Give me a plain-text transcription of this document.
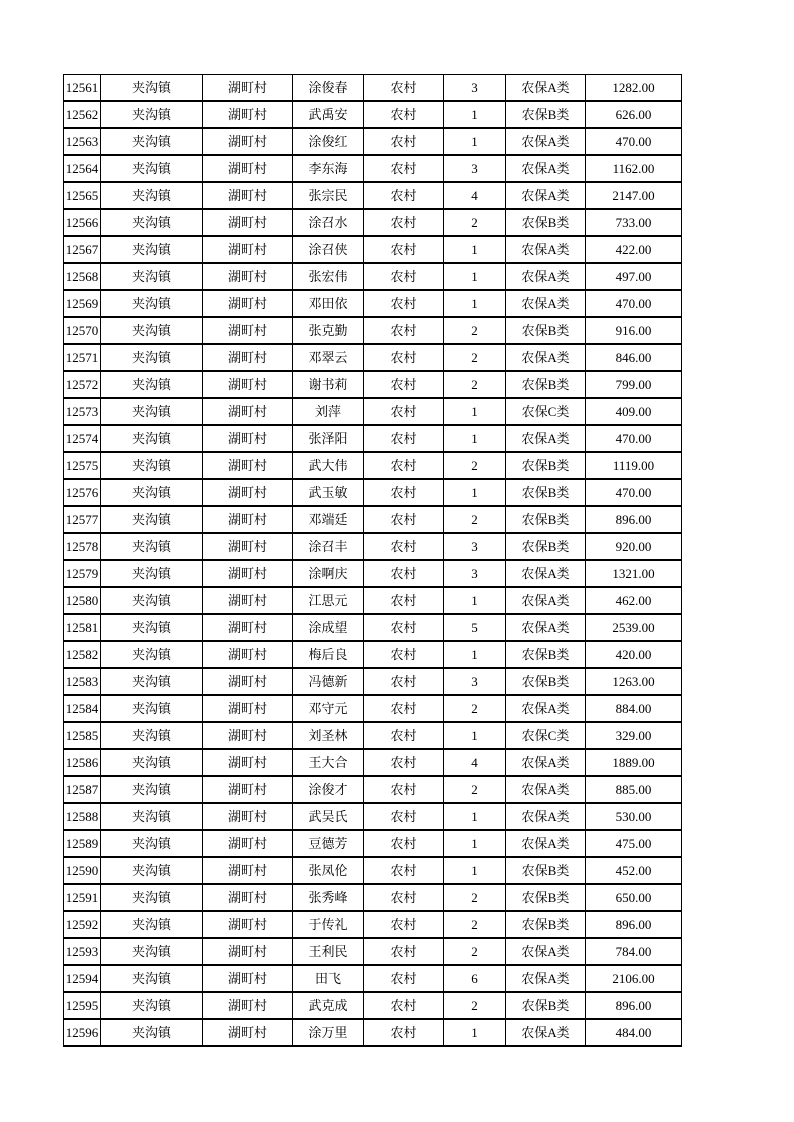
12561	夹沟镇	湖町村	涂俊春	农村	3	农保A类	1282.00
12562	夹沟镇	湖町村	武禹安	农村	1	农保B类	626.00
12563	夹沟镇	湖町村	涂俊红	农村	1	农保A类	470.00
12564	夹沟镇	湖町村	李东海	农村	3	农保A类	1162.00
12565	夹沟镇	湖町村	张宗民	农村	4	农保A类	2147.00
12566	夹沟镇	湖町村	涂召水	农村	2	农保B类	733.00
12567	夹沟镇	湖町村	涂召侠	农村	1	农保A类	422.00
12568	夹沟镇	湖町村	张宏伟	农村	1	农保A类	497.00
12569	夹沟镇	湖町村	邓田依	农村	1	农保A类	470.00
12570	夹沟镇	湖町村	张克勤	农村	2	农保B类	916.00
12571	夹沟镇	湖町村	邓翠云	农村	2	农保A类	846.00
12572	夹沟镇	湖町村	谢书莉	农村	2	农保B类	799.00
12573	夹沟镇	湖町村	刘萍	农村	1	农保C类	409.00
12574	夹沟镇	湖町村	张泽阳	农村	1	农保A类	470.00
12575	夹沟镇	湖町村	武大伟	农村	2	农保B类	1119.00
12576	夹沟镇	湖町村	武玉敏	农村	1	农保B类	470.00
12577	夹沟镇	湖町村	邓端廷	农村	2	农保B类	896.00
12578	夹沟镇	湖町村	涂召丰	农村	3	农保B类	920.00
12579	夹沟镇	湖町村	涂啊庆	农村	3	农保A类	1321.00
12580	夹沟镇	湖町村	江思元	农村	1	农保A类	462.00
12581	夹沟镇	湖町村	涂成望	农村	5	农保A类	2539.00
12582	夹沟镇	湖町村	梅后良	农村	1	农保B类	420.00
12583	夹沟镇	湖町村	冯德新	农村	3	农保B类	1263.00
12584	夹沟镇	湖町村	邓守元	农村	2	农保A类	884.00
12585	夹沟镇	湖町村	刘圣林	农村	1	农保C类	329.00
12586	夹沟镇	湖町村	王大合	农村	4	农保A类	1889.00
12587	夹沟镇	湖町村	涂俊才	农村	2	农保A类	885.00
12588	夹沟镇	湖町村	武吴氏	农村	1	农保A类	530.00
12589	夹沟镇	湖町村	豆德芳	农村	1	农保A类	475.00
12590	夹沟镇	湖町村	张凤伦	农村	1	农保B类	452.00
12591	夹沟镇	湖町村	张秀峰	农村	2	农保B类	650.00
12592	夹沟镇	湖町村	于传礼	农村	2	农保B类	896.00
12593	夹沟镇	湖町村	王利民	农村	2	农保A类	784.00
12594	夹沟镇	湖町村	田飞	农村	6	农保A类	2106.00
12595	夹沟镇	湖町村	武克成	农村	2	农保B类	896.00
12596	夹沟镇	湖町村	涂万里	农村	1	农保A类	484.00
